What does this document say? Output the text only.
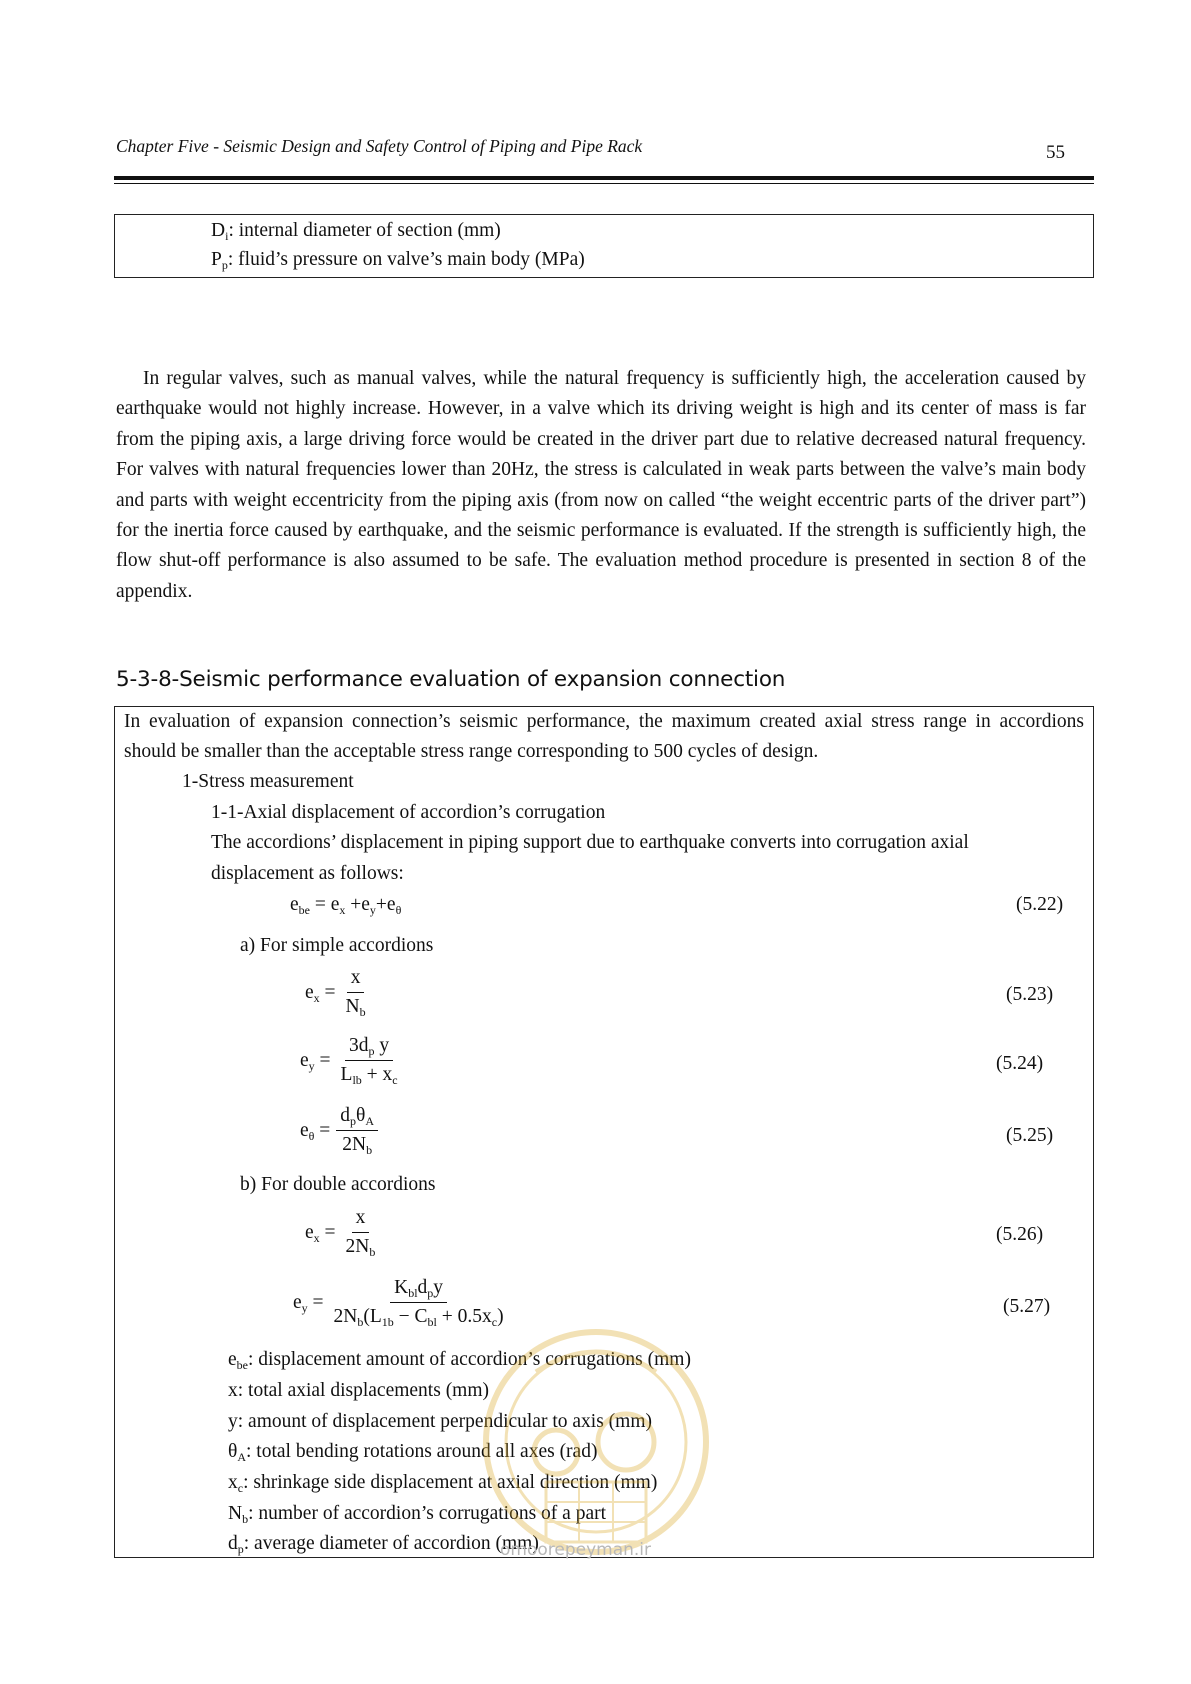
Chapter Five - Seismic Design and Safety Control of Piping and Pipe Rack	55
$D_i$: internal diameter of section (mm)
$P_p$: fluid’s pressure on valve’s main body (MPa)

In regular valves, such as manual valves, while the natural frequency is sufficiently high, the acceleration caused by earthquake would not highly increase. However, in a valve which its driving weight is high and its center of mass is far from the piping axis, a large driving force would be created in the driver part due to relative decreased natural frequency. For valves with natural frequencies lower than 20Hz, the stress is calculated in weak parts between the valve’s main body and parts with weight eccentricity from the piping axis (from now on called “the weight eccentric parts of the driver part”) for the inertia force caused by earthquake, and the seismic performance is evaluated. If the strength is sufficiently high, the flow shut-off performance is also assumed to be safe. The evaluation method procedure is presented in section 8 of the appendix.

5-3-8-Seismic performance evaluation of expansion connection
In evaluation of expansion connection’s seismic performance, the maximum created axial stress range in accordions should be smaller than the acceptable stress range corresponding to 500 cycles of design.
1-Stress measurement
1-1-Axial displacement of accordion’s corrugation
The accordions’ displacement in piping support due to earthquake converts into corrugation axial
displacement as follows:
$e_{be} = e_x +e_y+e_\theta$	(5.22)
a) For simple accordions
$e_x = \frac{x}{N_b}$	(5.23)
$e_y = \frac{3d_p y}{L_{lb} + x_c}$	(5.24)
$e_\theta = \frac{d_p\theta_A}{2N_b}$	(5.25)
b) For double accordions
$e_x = \frac{x}{2N_b}$	(5.26)
$e_y = \frac{K_{bl}d_py}{2N_b(L_{1b} - C_{bl} + 0.5x_c)}$	(5.27)
$e_{be}$: displacement amount of accordion’s corrugations (mm)
x: total axial displacements (mm)
y: amount of displacement perpendicular to axis (mm)
$\theta_A$: total bending rotations around all axes (rad)
$x_c$: shrinkage side displacement at axial direction (mm)
$N_b$: number of accordion’s corrugations of a part
$d_p$: average diameter of accordion (mm)
omoorepeyman.ir
